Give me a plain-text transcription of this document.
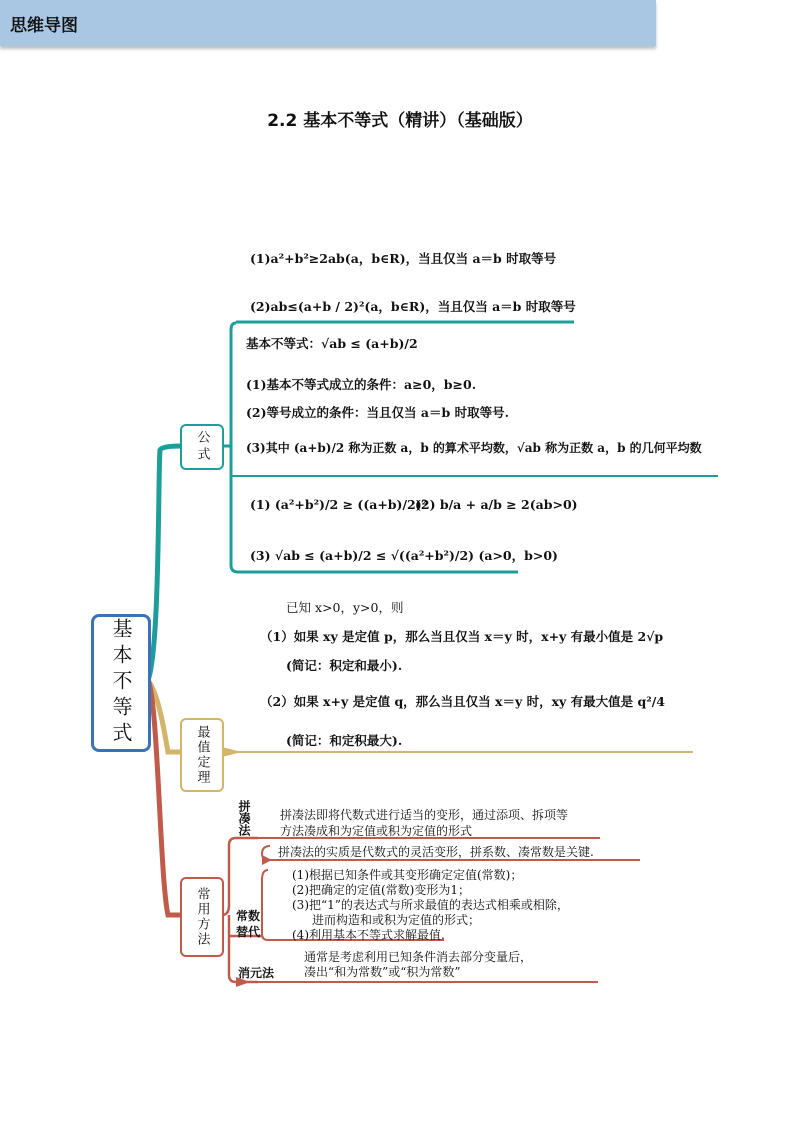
2.2 基本不等式（精讲）（基础版）
思维导图
基本不等式
公式
(1)a²+b²≥2ab(a，b∈R)，当且仅当 a＝b 时取等号
(2)ab≤(a+b / 2)²(a，b∈R)，当且仅当 a＝b 时取等号
基本不等式：√ab ≤ (a+b)/2
(1)基本不等式成立的条件：a≥0，b≥0.
(2)等号成立的条件：当且仅当 a＝b 时取等号.
(3)其中 (a+b)/2 称为正数 a，b 的算术平均数，√ab 称为正数 a，b 的几何平均数
(1) (a²+b²)/2 ≥ ((a+b)/2)²
(2) b/a + a/b ≥ 2(ab>0)
(3) √ab ≤ (a+b)/2 ≤ √((a²+b²)/2) (a>0，b>0)
最值定理
已知 x>0，y>0，则
（1）如果 xy 是定值 p，那么当且仅当 x＝y 时，x+y 有最小值是 2√p
(简记：积定和最小).
（2）如果 x+y 是定值 q，那么当且仅当 x＝y 时，xy 有最大值是 q²/4
(简记：和定积最大).
常用方法
拼凑法 拼凑法即将代数式进行适当的变形，通过添项、拆项等
方法凑成和为定值或积为定值的形式
拼凑法的实质是代数式的灵活变形，拼系数、凑常数是关键.
常数替代
(1)根据已知条件或其变形确定定值(常数)；
(2)把确定的定值(常数)变形为1；
(3)把“1”的表达式与所求最值的表达式相乘或相除，
进而构造和或积为定值的形式；
(4)利用基本不等式求解最值.
消元法
通常是考虑利用已知条件消去部分变量后，
凑出“和为常数”或“积为常数”
